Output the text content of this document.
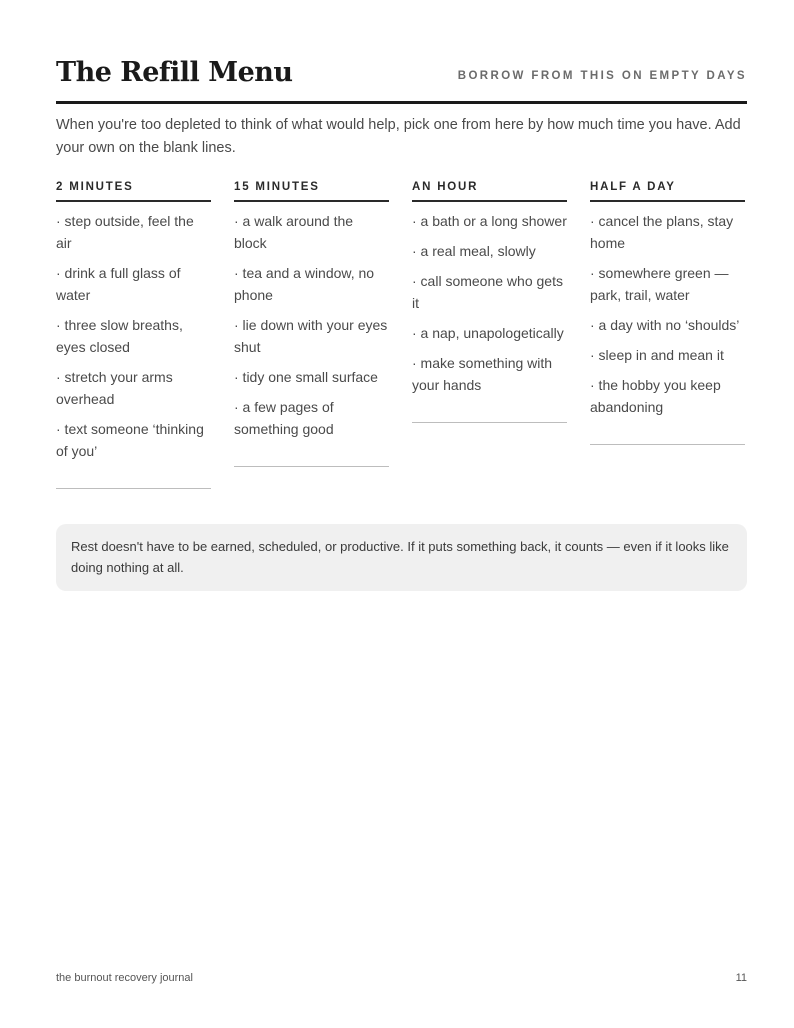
The Refill Menu	BORROW FROM THIS ON EMPTY DAYS

When you're too depleted to think of what would help, pick one from here by how much time you have. Add your own on the blank lines.

2 MINUTES
· step outside, feel the air
· drink a full glass of water
· three slow breaths, eyes closed
· stretch your arms overhead
· text someone ‘thinking of you’
15 MINUTES
· a walk around the block
· tea and a window, no phone
· lie down with your eyes shut
· tidy one small surface
· a few pages of something good
AN HOUR
· a bath or a long shower
· a real meal, slowly
· call someone who gets it
· a nap, unapologetically
· make something with your hands
HALF A DAY
· cancel the plans, stay home
· somewhere green — park, trail, water
· a day with no ‘shoulds’
· sleep in and mean it
· the hobby you keep abandoning
Rest doesn't have to be earned, scheduled, or productive. If it puts something back, it counts — even if it looks like doing nothing at all.
the burnout recovery journal	11
